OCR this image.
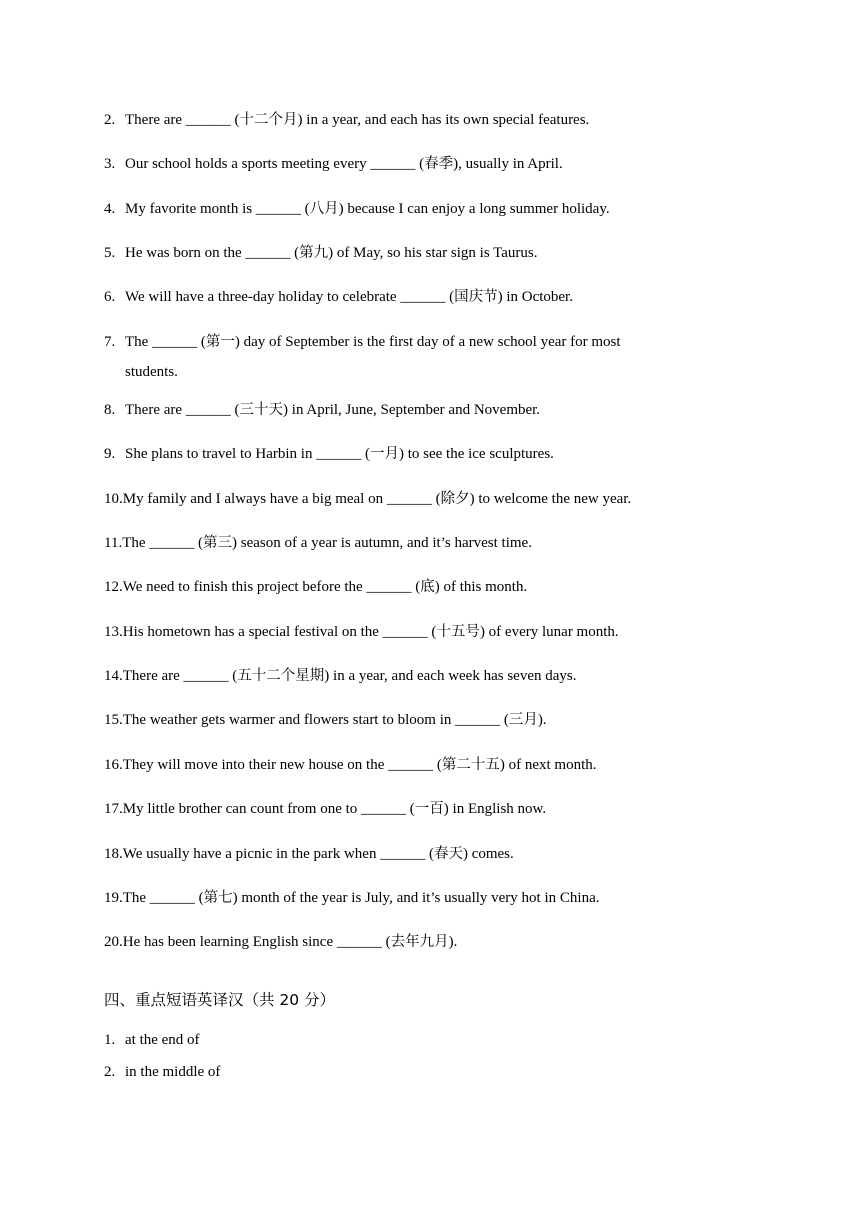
2. There are ______ (十二个月) in a year, and each has its own special features.
3. Our school holds a sports meeting every ______ (春季), usually in April.
4. My favorite month is ______ (八月) because I can enjoy a long summer holiday.
5. He was born on the ______ (第九) of May, so his star sign is Taurus.
6. We will have a three-day holiday to celebrate ______ (国庆节) in October.
7. The ______ (第一) day of September is the first day of a new school year for most
students.
8. There are ______ (三十天) in April, June, September and November.
9. She plans to travel to Harbin in ______ (一月) to see the ice sculptures.
10.My family and I always have a big meal on ______ (除夕) to welcome the new year.
11.The ______ (第三) season of a year is autumn, and it’s harvest time.
12.We need to finish this project before the ______ (底) of this month.
13.His hometown has a special festival on the ______ (十五号) of every lunar month.
14.There are ______ (五十二个星期) in a year, and each week has seven days.
15.The weather gets warmer and flowers start to bloom in ______ (三月).
16.They will move into their new house on the ______ (第二十五) of next month.
17.My little brother can count from one to ______ (一百) in English now.
18.We usually have a picnic in the park when ______ (春天) comes.
19.The ______ (第七) month of the year is July, and it’s usually very hot in China.
20.He has been learning English since ______ (去年九月).
四、重点短语英译汉（共 20 分）
1. at the end of
2. in the middle of
